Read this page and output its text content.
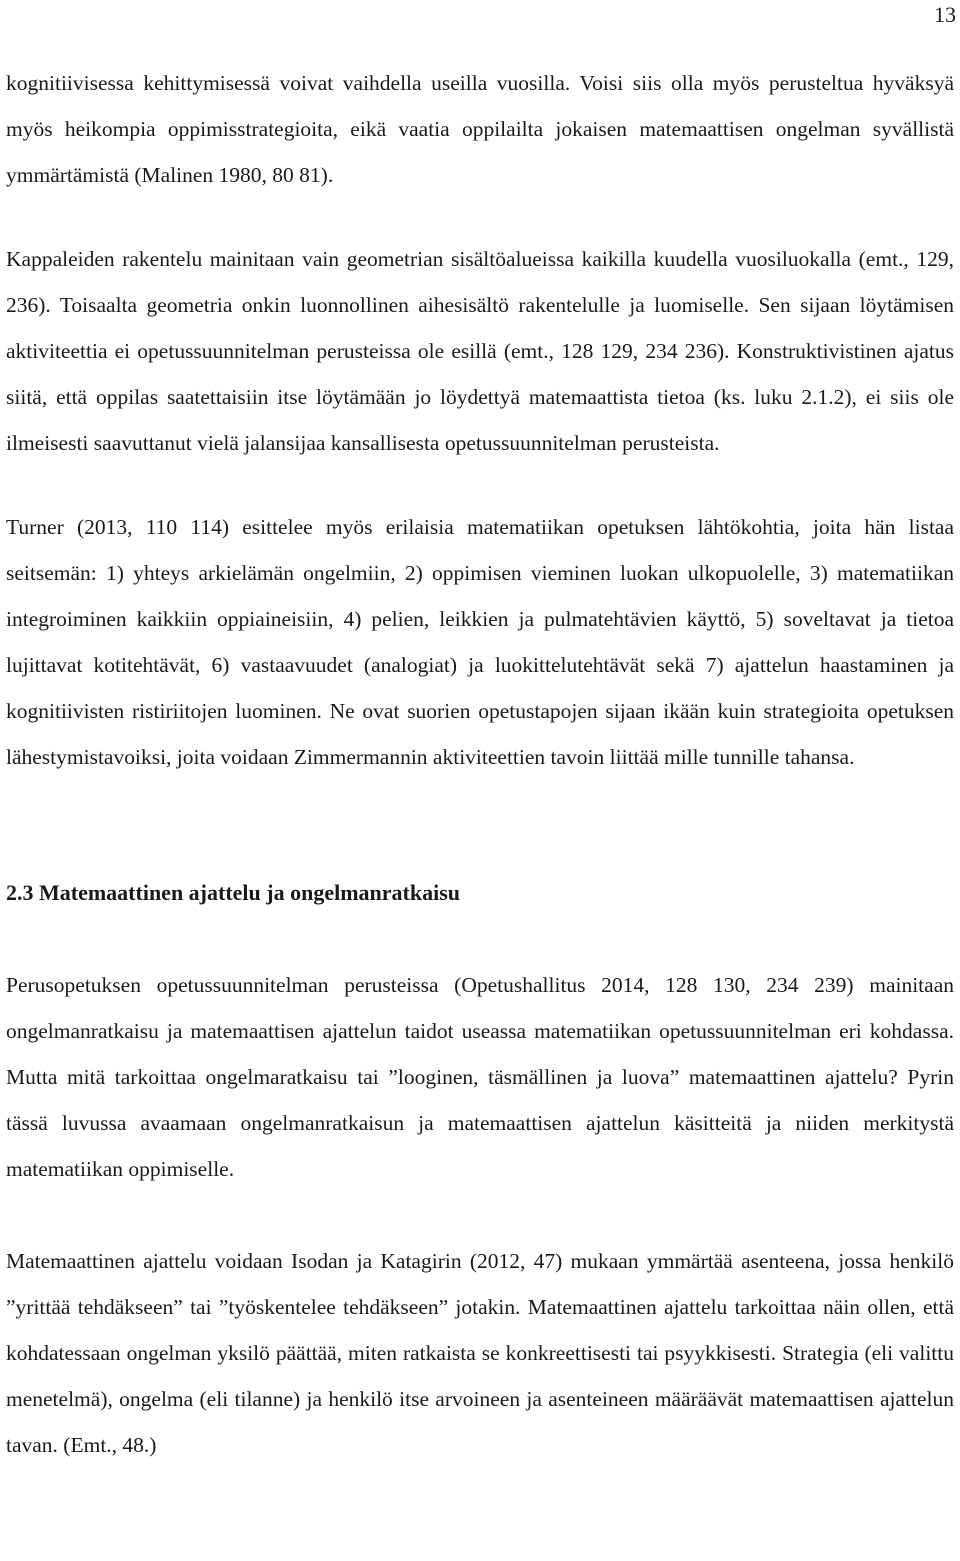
13

kognitiivisessa kehittymisessä voivat vaihdella useilla vuosilla. Voisi siis olla myös perusteltua hyväksyä myös heikompia oppimisstrategioita, eikä vaatia oppilailta jokaisen matemaattisen ongelman syvällistä ymmärtämistä (Malinen 1980, 80 81).

Kappaleiden rakentelu mainitaan vain geometrian sisältöalueissa kaikilla kuudella vuosiluokalla (emt., 129, 236). Toisaalta geometria onkin luonnollinen aihesisältö rakentelulle ja luomiselle. Sen sijaan löytämisen aktiviteettia ei opetussuunnitelman perusteissa ole esillä (emt., 128 129, 234 236). Konstruktivistinen ajatus siitä, että oppilas saatettaisiin itse löytämään jo löydettyä matemaattista tietoa (ks. luku 2.1.2), ei siis ole ilmeisesti saavuttanut vielä jalansijaa kansallisesta opetussuunnitelman perusteista.

Turner (2013, 110 114) esittelee myös erilaisia matematiikan opetuksen lähtökohtia, joita hän listaa seitsemän: 1) yhteys arkielämän ongelmiin, 2) oppimisen vieminen luokan ulkopuolelle, 3) matematiikan integroiminen kaikkiin oppiaineisiin, 4) pelien, leikkien ja pulmatehtävien käyttö, 5) soveltavat ja tietoa lujittavat kotitehtävät, 6) vastaavuudet (analogiat) ja luokittelutehtävät sekä 7) ajattelun haastaminen ja kognitiivisten ristiriitojen luominen. Ne ovat suorien opetustapojen sijaan ikään kuin strategioita opetuksen lähestymistavoiksi, joita voidaan Zimmermannin aktiviteettien tavoin liittää mille tunnille tahansa.

2.3 Matemaattinen ajattelu ja ongelmanratkaisu

Perusopetuksen opetussuunnitelman perusteissa (Opetushallitus 2014, 128 130, 234 239) mainitaan ongelmanratkaisu ja matemaattisen ajattelun taidot useassa matematiikan opetussuunnitelman eri kohdassa. Mutta mitä tarkoittaa ongelmaratkaisu tai ”looginen, täsmällinen ja luova” matemaattinen ajattelu? Pyrin tässä luvussa avaamaan ongelmanratkaisun ja matemaattisen ajattelun käsitteitä ja niiden merkitystä matematiikan oppimiselle.

Matemaattinen ajattelu voidaan Isodan ja Katagirin (2012, 47) mukaan ymmärtää asenteena, jossa henkilö ”yrittää tehdäkseen” tai ”työskentelee tehdäkseen” jotakin. Matemaattinen ajattelu tarkoittaa näin ollen, että kohdatessaan ongelman yksilö päättää, miten ratkaista se konkreettisesti tai psyykkisesti. Strategia (eli valittu menetelmä), ongelma (eli tilanne) ja henkilö itse arvoineen ja asenteineen määräävät matemaattisen ajattelun tavan. (Emt., 48.)
